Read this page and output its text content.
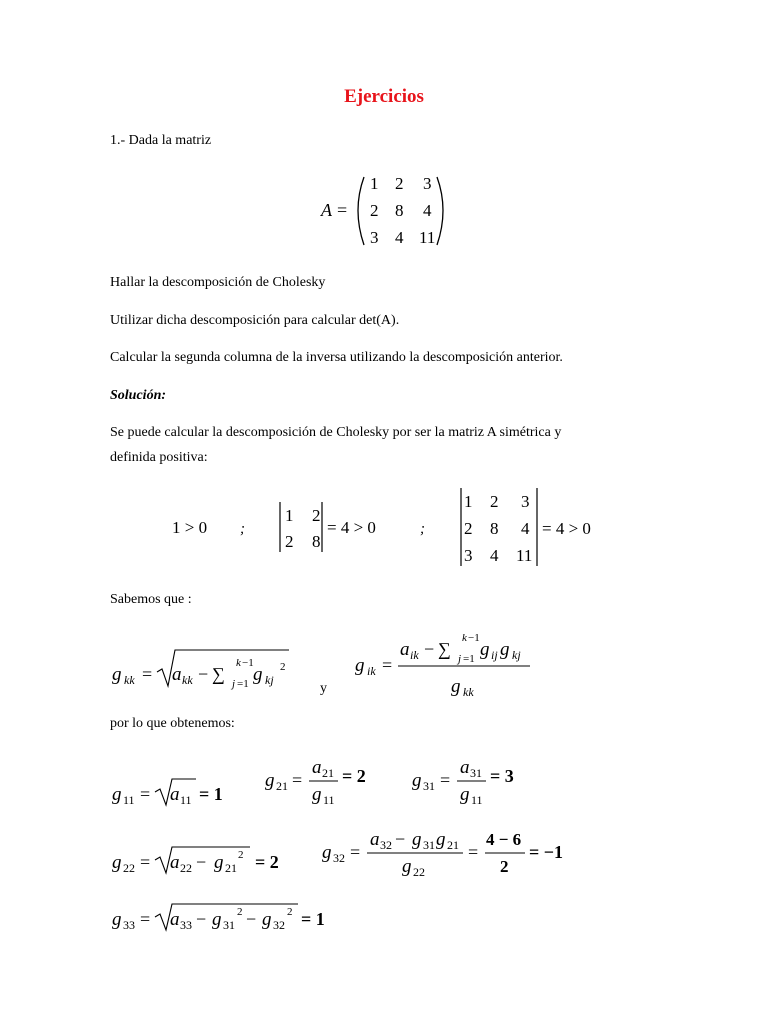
Ejercicios
1.- Dada la matriz
A =
1 2 3
2 8 4
3 4 11
Hallar la descomposición de Cholesky
Utilizar dicha descomposición para calcular det(A).
Calcular la segunda columna de la inversa utilizando la descomposición anterior.
Solución:
Se puede calcular la descomposición de Cholesky por ser la matriz A simétrica y
definida positiva:
1 > 0 ;
1 2
2 8
= 4 > 0	;
1 2 3
2 8 4
3 4 11
= 4 > 0
Sabemos que :
g kk = a kk − ∑
k −1
j =1 g kj
2
y
g ik =
a ik − ∑
k −1
j =1 g ij g kj
g kk
por lo que obtenemos:
g 11 = a 11 = 1
g 21 =
a 21
g 11
= 2 g 31 =
a 31
g 11
= 3
g 22 = a 22 − g 21
2 = 2 g 32 =
a 32 − g 31 g 21
g 22
=
4 − 6
2
= −1
g 33 = a 33 − g 31
2 − g 32
2 = 1
